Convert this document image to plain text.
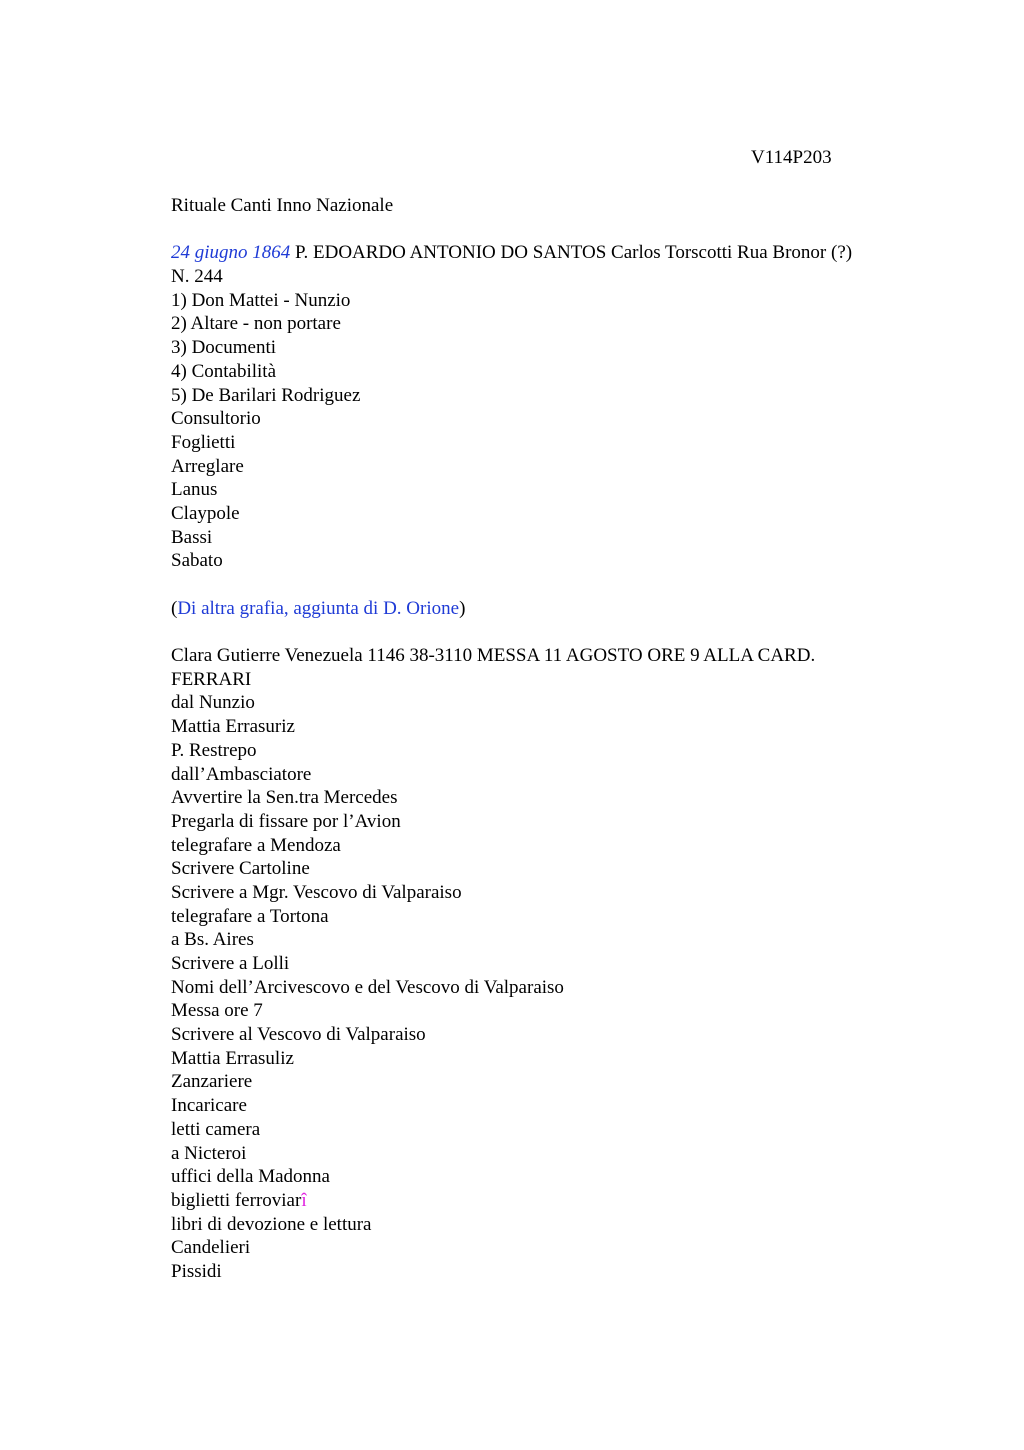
V114P203
Rituale Canti Inno Nazionale
24 giugno 1864 P. EDOARDO ANTONIO DO SANTOS Carlos Torscotti Rua Bronor (?)
N. 244
1) Don Mattei - Nunzio
2) Altare - non portare
3) Documenti
4) Contabilità
5) De Barilari Rodriguez
Consultorio
Foglietti
Arreglare
Lanus
Claypole
Bassi
Sabato
(Di altra grafia, aggiunta di D. Orione)
Clara Gutierre Venezuela 1146 38-3110 MESSA 11 AGOSTO ORE 9 ALLA CARD.
FERRARI
dal Nunzio
Mattia Errasuriz
P. Restrepo
dall’Ambasciatore
Avvertire la Sen.tra Mercedes
Pregarla di fissare por l’Avion
telegrafare a Mendoza
Scrivere Cartoline
Scrivere a Mgr. Vescovo di Valparaiso
telegrafare a Tortona
a Bs. Aires
Scrivere a Lolli
Nomi dell’Arcivescovo e del Vescovo di Valparaiso
Messa ore 7
Scrivere al Vescovo di Valparaiso
Mattia Errasuliz
Zanzariere
Incaricare
letti camera
a Nicteroi
uffici della Madonna
biglietti ferroviarî
libri di devozione e lettura
Candelieri
Pissidi
